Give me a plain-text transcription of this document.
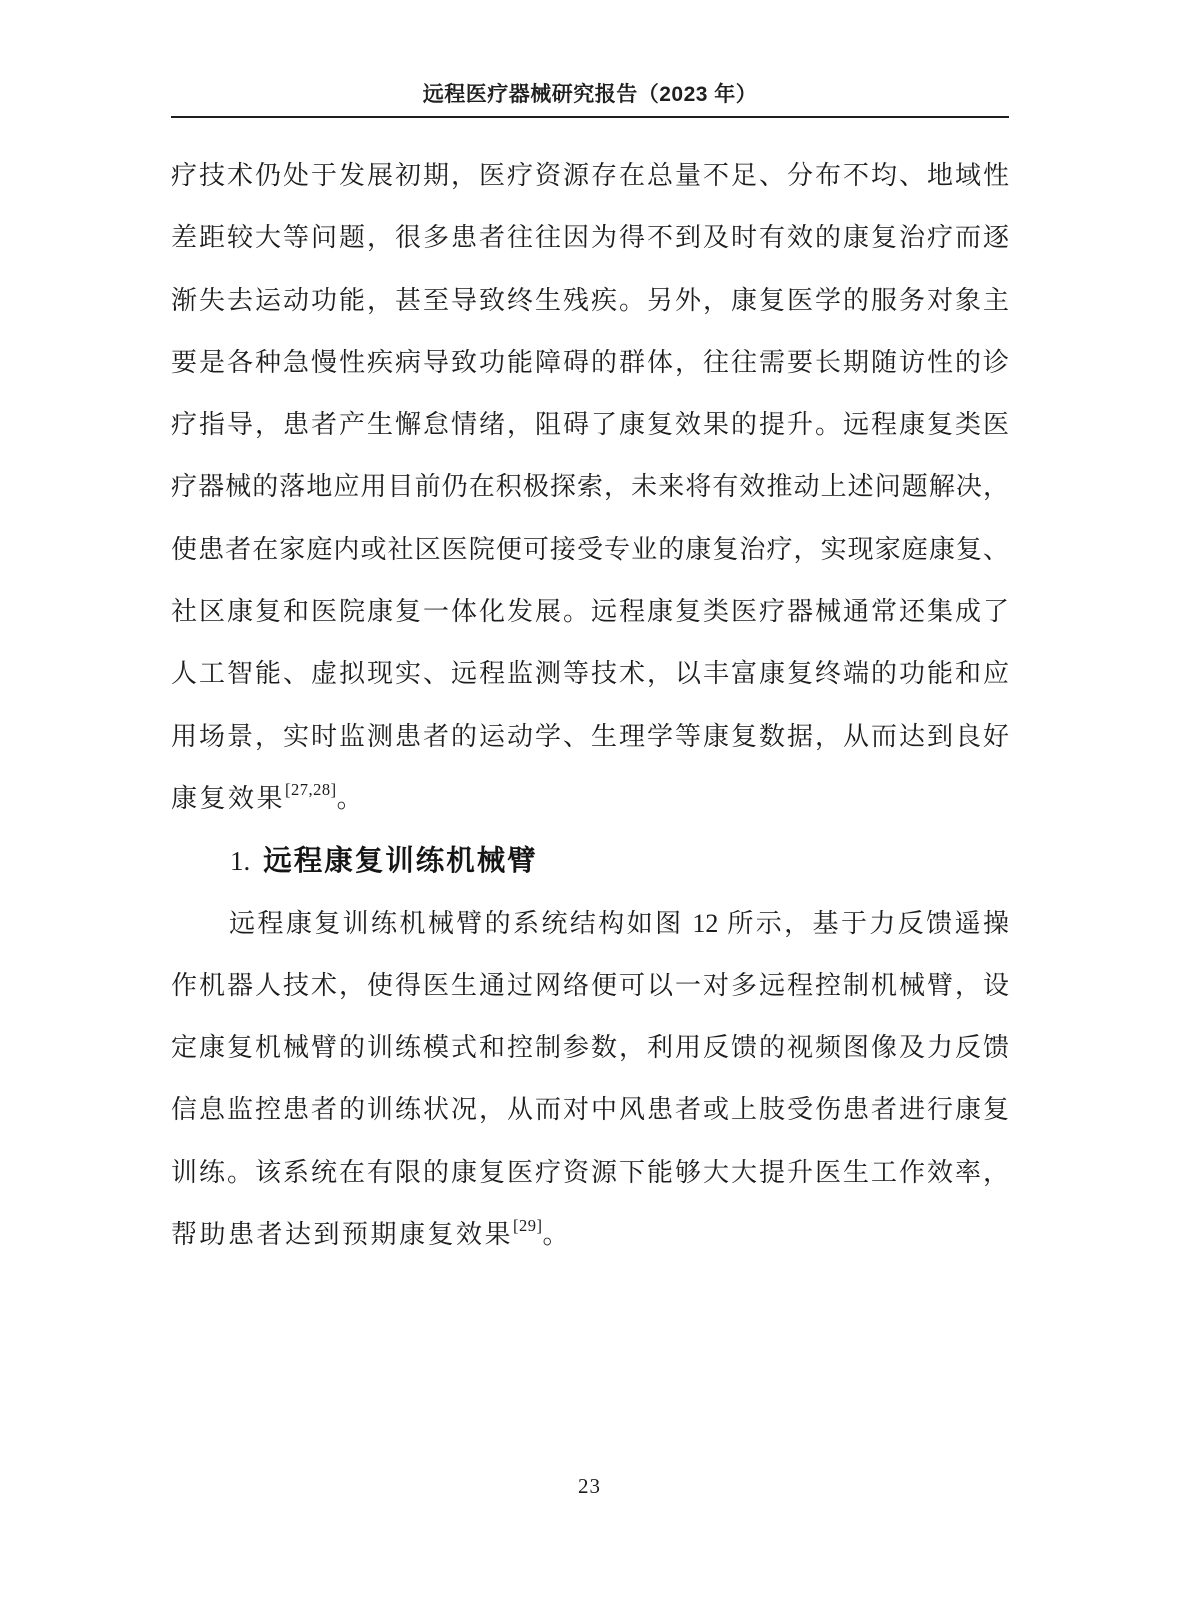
远程医疗器械研究报告（2023 年）
疗技术仍处于发展初期，医疗资源存在总量不足、分布不均、地域性
差距较大等问题，很多患者往往因为得不到及时有效的康复治疗而逐
渐失去运动功能，甚至导致终生残疾。另外，康复医学的服务对象主
要是各种急慢性疾病导致功能障碍的群体，往往需要长期随访性的诊
疗指导，患者产生懈怠情绪，阻碍了康复效果的提升。远程康复类医
疗器械的落地应用目前仍在积极探索，未来将有效推动上述问题解决，
使患者在家庭内或社区医院便可接受专业的康复治疗，实现家庭康复、
社区康复和医院康复一体化发展。远程康复类医疗器械通常还集成了
人工智能、虚拟现实、远程监测等技术，以丰富康复终端的功能和应
用场景，实时监测患者的运动学、生理学等康复数据，从而达到良好
康复效果[27,28]。
1. 远程康复训练机械臂
远程康复训练机械臂的系统结构如图 12 所示，基于力反馈遥操
作机器人技术，使得医生通过网络便可以一对多远程控制机械臂，设
定康复机械臂的训练模式和控制参数，利用反馈的视频图像及力反馈
信息监控患者的训练状况，从而对中风患者或上肢受伤患者进行康复
训练。该系统在有限的康复医疗资源下能够大大提升医生工作效率，
帮助患者达到预期康复效果[29]。
23
